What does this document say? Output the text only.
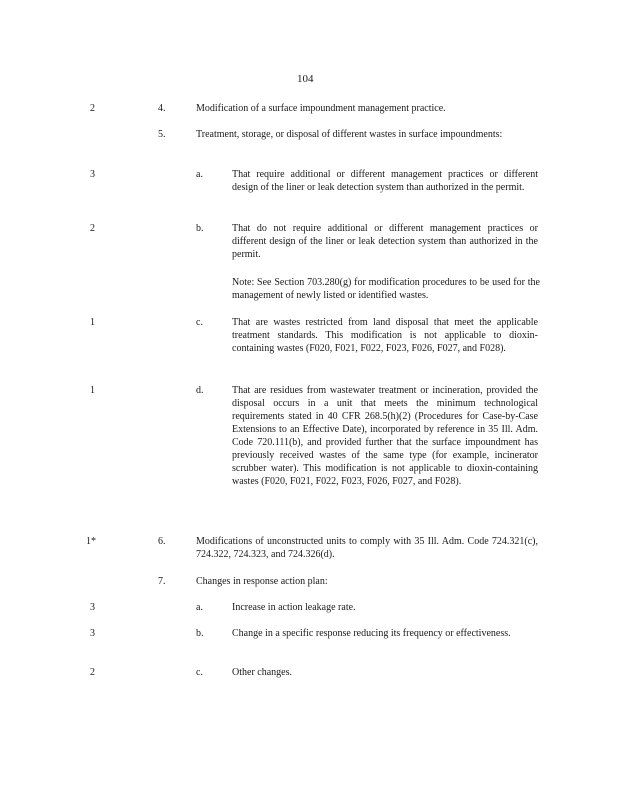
104
2	4.	Modification of a surface impoundment management practice.
5.	Treatment, storage, or disposal of different wastes in surface impoundments:
3	a.	That require additional or different management practices or different design of the liner or leak detection system than authorized in the permit.
2	b.	That do not require additional or different management practices or different design of the liner or leak detection system than authorized in the permit.
Note: See Section 703.280(g) for modification procedures to be used for the management of newly listed or identified wastes.
1	c.	That are wastes restricted from land disposal that meet the applicable treatment standards. This modification is not applicable to dioxin-containing wastes (F020, F021, F022, F023, F026, F027, and F028).
1	d.	That are residues from wastewater treatment or incineration, provided the disposal occurs in a unit that meets the minimum technological requirements stated in 40 CFR 268.5(h)(2) (Procedures for Case-by-Case Extensions to an Effective Date), incorporated by reference in 35 Ill. Adm. Code 720.111(b), and provided further that the surface impoundment has previously received wastes of the same type (for example, incinerator scrubber water). This modification is not applicable to dioxin-containing wastes (F020, F021, F022, F023, F026, F027, and F028).
1*	6.	Modifications of unconstructed units to comply with 35 Ill. Adm. Code 724.321(c), 724.322, 724.323, and 724.326(d).
7.	Changes in response action plan:
3	a.	Increase in action leakage rate.
3	b.	Change in a specific response reducing its frequency or effectiveness.
2	c.	Other changes.
